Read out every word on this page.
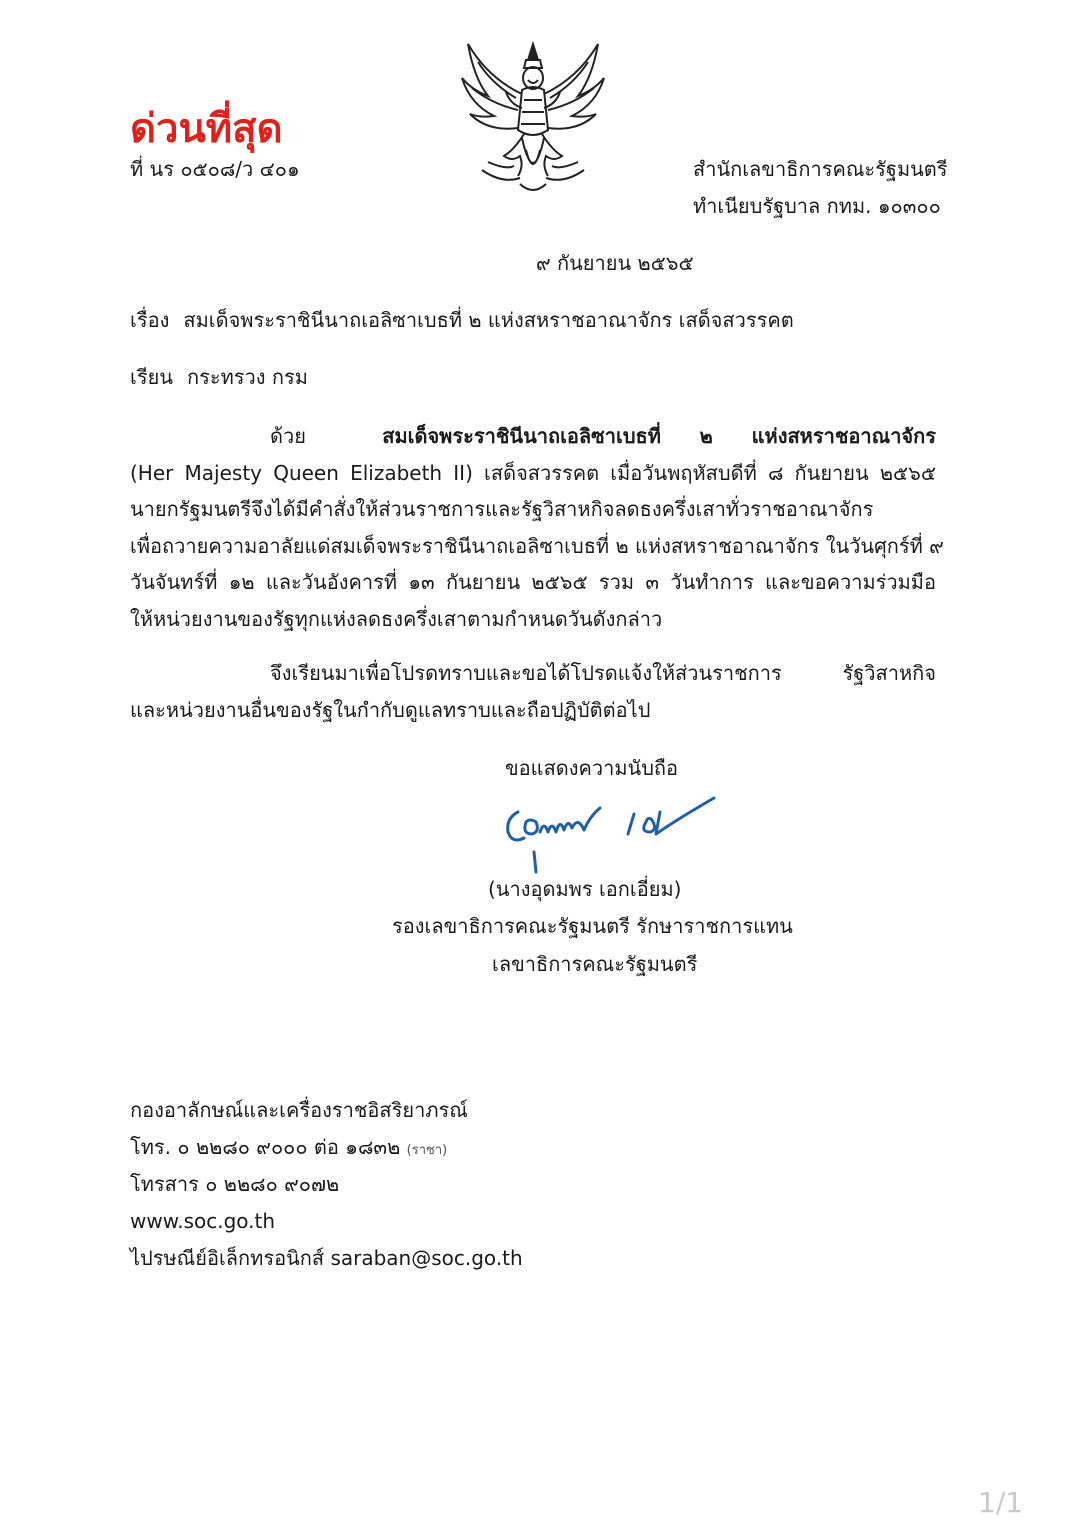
ด่วนที่สุด
ที่ นร ๐๕๐๘/ว ๔๐๑	สำนักเลขาธิการคณะรัฐมนตรี
ทำเนียบรัฐบาล กทม. ๑๐๓๐๐
๙ กันยายน ๒๕๖๕
เรื่อง สมเด็จพระราชินีนาถเอลิซาเบธที่ ๒ แห่งสหราชอาณาจักร เสด็จสวรรคต
เรียน กระทรวง กรม
ด้วย	สมเด็จพระราชินีนาถเอลิซาเบธที่ ๒ แห่งสหราชอาณาจักร
(Her Majesty Queen Elizabeth II) เสด็จสวรรคต เมื่อวันพฤหัสบดีที่ ๘ กันยายน ๒๕๖๕
นายกรัฐมนตรีจึงได้มีคำสั่งให้ส่วนราชการและรัฐวิสาหกิจลดธงครึ่งเสาทั่วราชอาณาจักร
เพื่อถวายความอาลัยแด่สมเด็จพระราชินีนาถเอลิซาเบธที่ ๒ แห่งสหราชอาณาจักร ในวันศุกร์ที่ ๙
วันจันทร์ที่ ๑๒ และวันอังคารที่ ๑๓ กันยายน ๒๕๖๕ รวม ๓ วันทำการ และขอความร่วมมือ
ให้หน่วยงานของรัฐทุกแห่งลดธงครึ่งเสาตามกำหนดวันดังกล่าว
จึงเรียนมาเพื่อโปรดทราบและขอได้โปรดแจ้งให้ส่วนราชการ รัฐวิสาหกิจ
และหน่วยงานอื่นของรัฐในกำกับดูแลทราบและถือปฏิบัติต่อไป
ขอแสดงความนับถือ
(นางอุดมพร เอกเอี่ยม)
รองเลขาธิการคณะรัฐมนตรี รักษาราชการแทน
เลขาธิการคณะรัฐมนตรี
กองอาลักษณ์และเครื่องราชอิสริยาภรณ์
โทร. ๐ ๒๒๘๐ ๙๐๐๐ ต่อ ๑๘๓๒ (ราชา)
โทรสาร ๐ ๒๒๘๐ ๙๐๗๒
www.soc.go.th
ไปรษณีย์อิเล็กทรอนิกส์ saraban@soc.go.th
1/1
